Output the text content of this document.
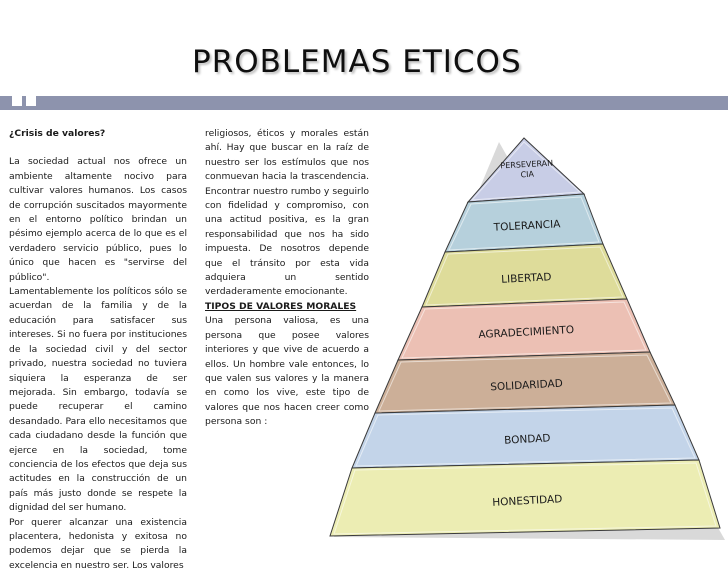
PROBLEMAS ETICOS

¿Crisis de valores?

La sociedad actual nos ofrece un ambiente altamente nocivo para cultivar valores humanos. Los casos de corrupción suscitados mayormente en el entorno político brindan un pésimo ejemplo acerca de lo que es el verdadero servicio público, pues lo único que hacen es "servirse del público".

Lamentablemente los políticos sólo se acuerdan de la familia y de la educación para satisfacer sus intereses. Si no fuera por instituciones de la sociedad civil y del sector privado, nuestra sociedad no tuviera siquiera la esperanza de ser mejorada. Sin embargo, todavía se puede recuperar el camino desandado. Para ello necesitamos que cada ciudadano desde la función que ejerce en la sociedad, tome conciencia de los efectos que deja sus actitudes en la construcción de un país más justo donde se respete la dignidad del ser humano.

Por querer alcanzar una existencia placentera, hedonista y exitosa no podemos dejar que se pierda la excelencia en nuestro ser. Los valores

religiosos, éticos y morales están ahí. Hay que buscar en la raíz de nuestro ser los estímulos que nos conmuevan hacia la trascendencia. Encontrar nuestro rumbo y seguirlo con fidelidad y compromiso, con una actitud positiva, es la gran responsabilidad que nos ha sido impuesta. De nosotros depende que el tránsito por esta vida adquiera un sentido verdaderamente emocionante.

TIPOS DE VALORES MORALES

Una persona valiosa, es una persona que posee valores interiores y que vive de acuerdo a ellos. Un hombre vale entonces, lo que valen sus valores y la manera en como los vive, este tipo de valores que nos hacen creer como persona son :

PERSEVERAN
CIA
TOLERANCIA
LIBERTAD
AGRADECIMIENTO
SOLIDARIDAD
BONDAD
HONESTIDAD
